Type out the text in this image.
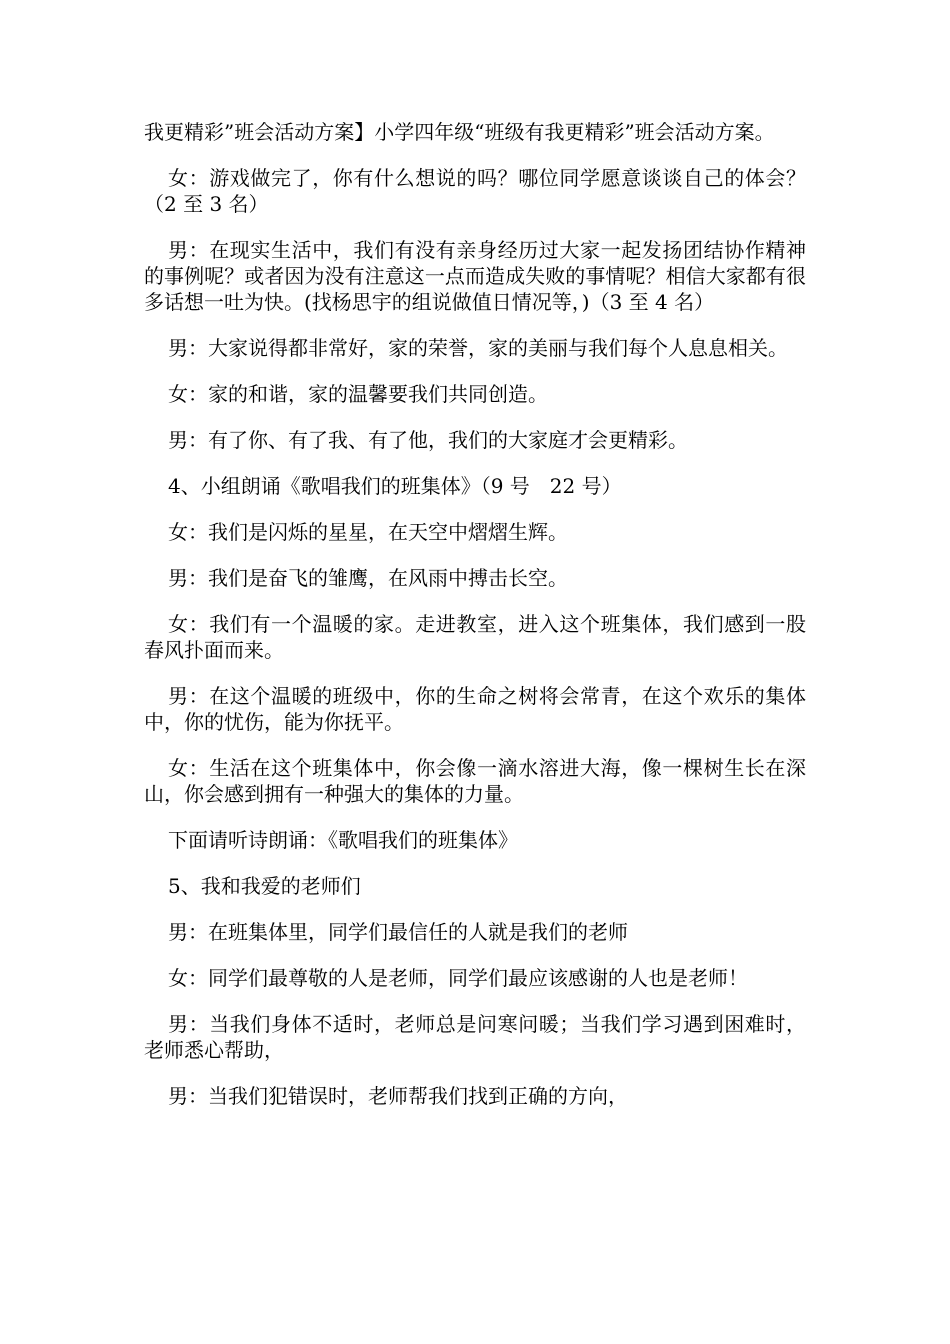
我更精彩”班会活动方案】小学四年级“班级有我更精彩”班会活动方案。

女：游戏做完了，你有什么想说的吗？哪位同学愿意谈谈自己的体会？（2 至 3 名）

男：在现实生活中，我们有没有亲身经历过大家一起发扬团结协作精神的事例呢？或者因为没有注意这一点而造成失败的事情呢？相信大家都有很多话想一吐为快。(找杨思宇的组说做值日情况等，)（3 至 4 名）

男：大家说得都非常好，家的荣誉，家的美丽与我们每个人息息相关。

女：家的和谐，家的温馨要我们共同创造。

男：有了你、有了我、有了他，我们的大家庭才会更精彩。

4、小组朗诵《歌唱我们的班集体》（9 号　22 号）

女：我们是闪烁的星星，在天空中熠熠生辉。

男：我们是奋飞的雏鹰，在风雨中搏击长空。

女：我们有一个温暖的家。走进教室，进入这个班集体，我们感到一股春风扑面而来。

男：在这个温暖的班级中，你的生命之树将会常青，在这个欢乐的集体中，你的忧伤，能为你抚平。

女：生活在这个班集体中，你会像一滴水溶进大海，像一棵树生长在深山，你会感到拥有一种强大的集体的力量。

下面请听诗朗诵：《歌唱我们的班集体》

5、我和我爱的老师们

男：在班集体里，同学们最信任的人就是我们的老师

女：同学们最尊敬的人是老师，同学们最应该感谢的人也是老师！

男：当我们身体不适时，老师总是问寒问暖；当我们学习遇到困难时，老师悉心帮助，

男：当我们犯错误时，老师帮我们找到正确的方向，
